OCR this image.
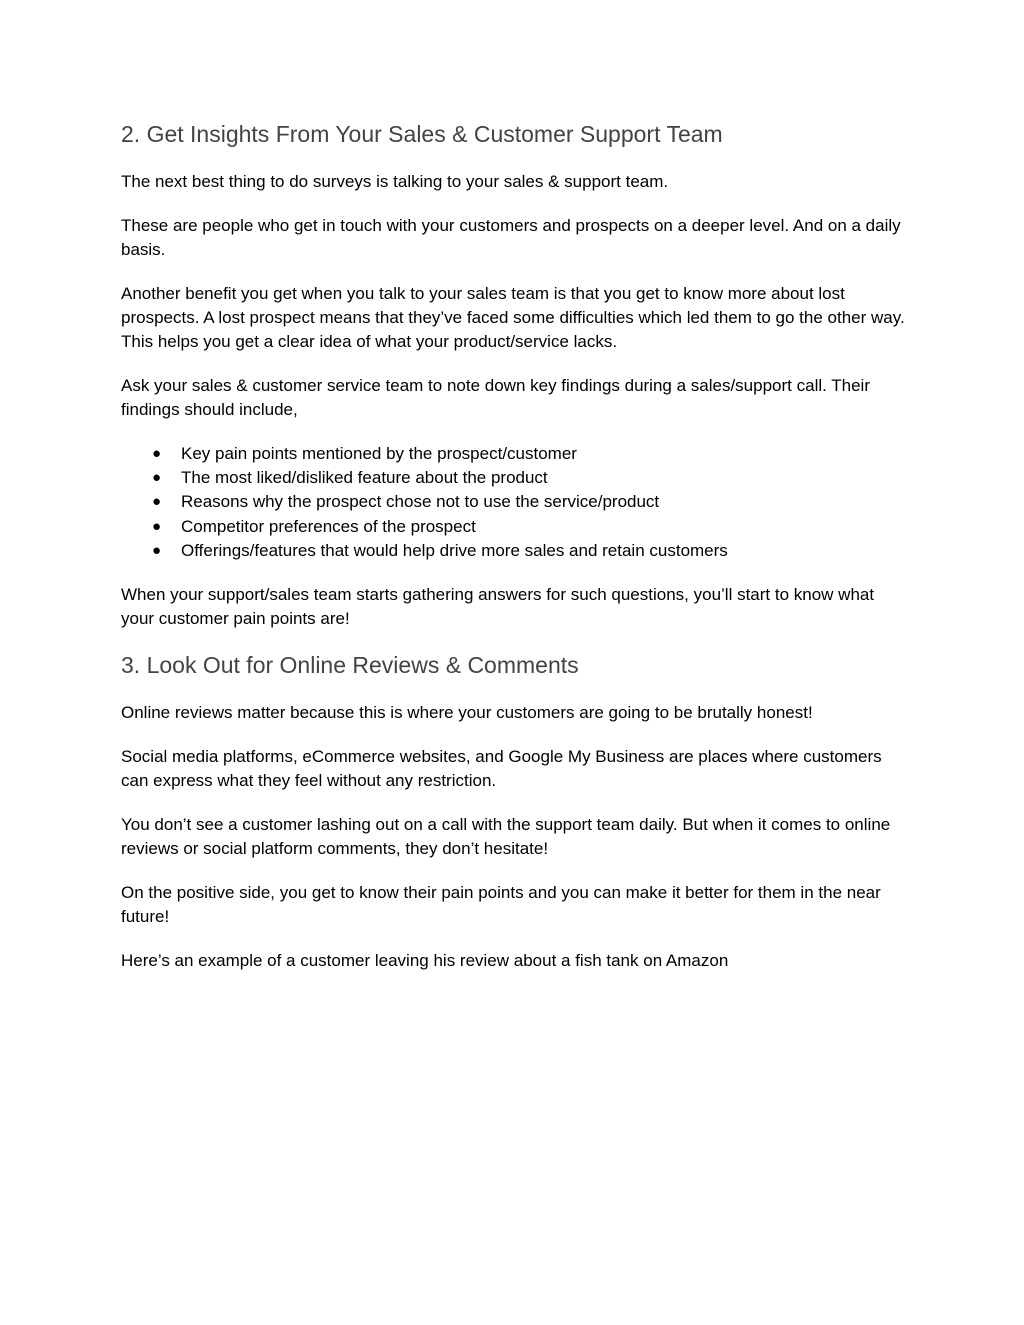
2. Get Insights From Your Sales & Customer Support Team

The next best thing to do surveys is talking to your sales & support team.

These are people who get in touch with your customers and prospects on a deeper level. And on a daily basis.

Another benefit you get when you talk to your sales team is that you get to know more about lost prospects. A lost prospect means that they’ve faced some difficulties which led them to go the other way. This helps you get a clear idea of what your product/service lacks.

Ask your sales & customer service team to note down key findings during a sales/support call. Their findings should include,

● Key pain points mentioned by the prospect/customer
● The most liked/disliked feature about the product
● Reasons why the prospect chose not to use the service/product
● Competitor preferences of the prospect
● Offerings/features that would help drive more sales and retain customers

When your support/sales team starts gathering answers for such questions, you’ll start to know what your customer pain points are!

3. Look Out for Online Reviews & Comments

Online reviews matter because this is where your customers are going to be brutally honest!

Social media platforms, eCommerce websites, and Google My Business are places where customers can express what they feel without any restriction.

You don’t see a customer lashing out on a call with the support team daily. But when it comes to online reviews or social platform comments, they don’t hesitate!

On the positive side, you get to know their pain points and you can make it better for them in the near future!

Here’s an example of a customer leaving his review about a fish tank on Amazon
